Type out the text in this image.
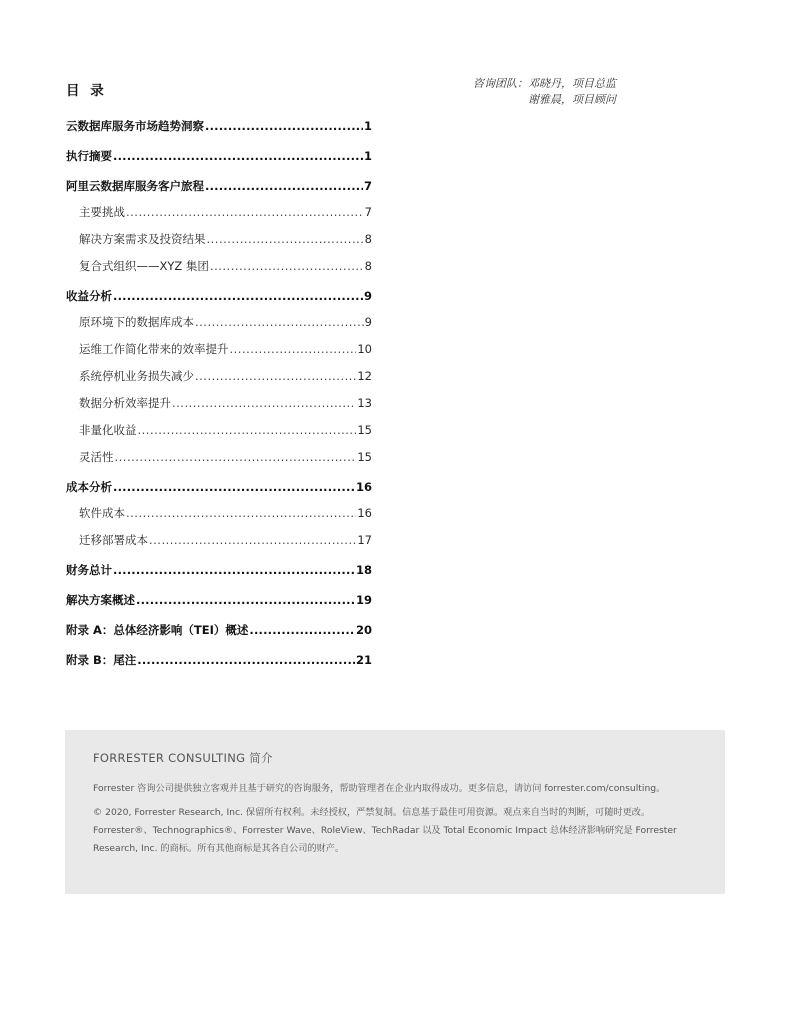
目 录	咨询团队：邓晓丹，项目总监
谢雅晨，项目顾问
云数据库服务市场趋势洞察 .....	1
执行摘要 .....	1
阿里云数据库服务客户旅程 .....	7
主要挑战 .....	7
解决方案需求及投资结果 .....	8
复合式组织——XYZ 集团 .....	8
收益分析 .....	9
原环境下的数据库成本 .....	9
运维工作简化带来的效率提升 .....	10
系统停机业务损失减少 .....	12
数据分析效率提升 .....	13
非量化收益 .....	15
灵活性 .....	15
成本分析 .....	16
软件成本 .....	16
迁移部署成本 .....	17
财务总计 .....	18
解决方案概述 .....	19
附录 A：总体经济影响（TEI）概述 .....	20
附录 B：尾注 .....	21
FORRESTER CONSULTING 简介

Forrester 咨询公司提供独立客观并且基于研究的咨询服务，帮助管理者在企业内取得成功。更多信息，请访问 forrester.com/consulting。

© 2020, Forrester Research, Inc. 保留所有权利。未经授权，严禁复制。信息基于最佳可用资源。观点来自当时的判断，可随时更改。Forrester®、Technographics®、Forrester Wave、RoleView、TechRadar 以及 Total Economic Impact 总体经济影响研究是 Forrester Research, Inc. 的商标。所有其他商标是其各自公司的财产。
